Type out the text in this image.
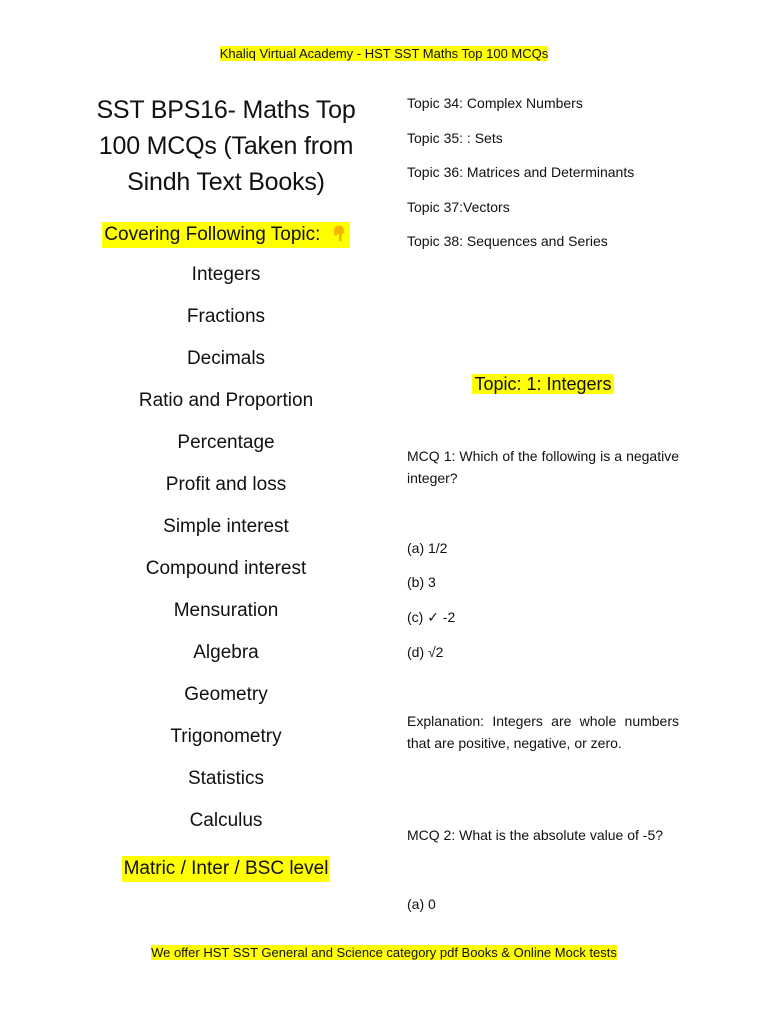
Khaliq Virtual Academy - HST SST Maths Top 100 MCQs
SST BPS16- Maths Top
100 MCQs (Taken from
Sindh Text Books)
Covering Following Topic:
Integers
Fractions
Decimals
Ratio and Proportion
Percentage
Profit and loss
Simple interest
Compound interest
Mensuration
Algebra
Geometry
Trigonometry
Statistics
Calculus
Matric / Inter / BSC level
Topic 34: Complex Numbers
Topic 35: : Sets
Topic 36: Matrices and Determinants
Topic 37:Vectors
Topic 38: Sequences and Series
Topic: 1: Integers

MCQ 1: Which of the following is a negative integer?

(a) 1/2
(b) 3
(c) ✓ -2
(d) √2

Explanation: Integers are whole numbers that are positive, negative, or zero.

MCQ 2: What is the absolute value of -5?

(a) 0
We offer HST SST General and Science category pdf Books & Online Mock tests
